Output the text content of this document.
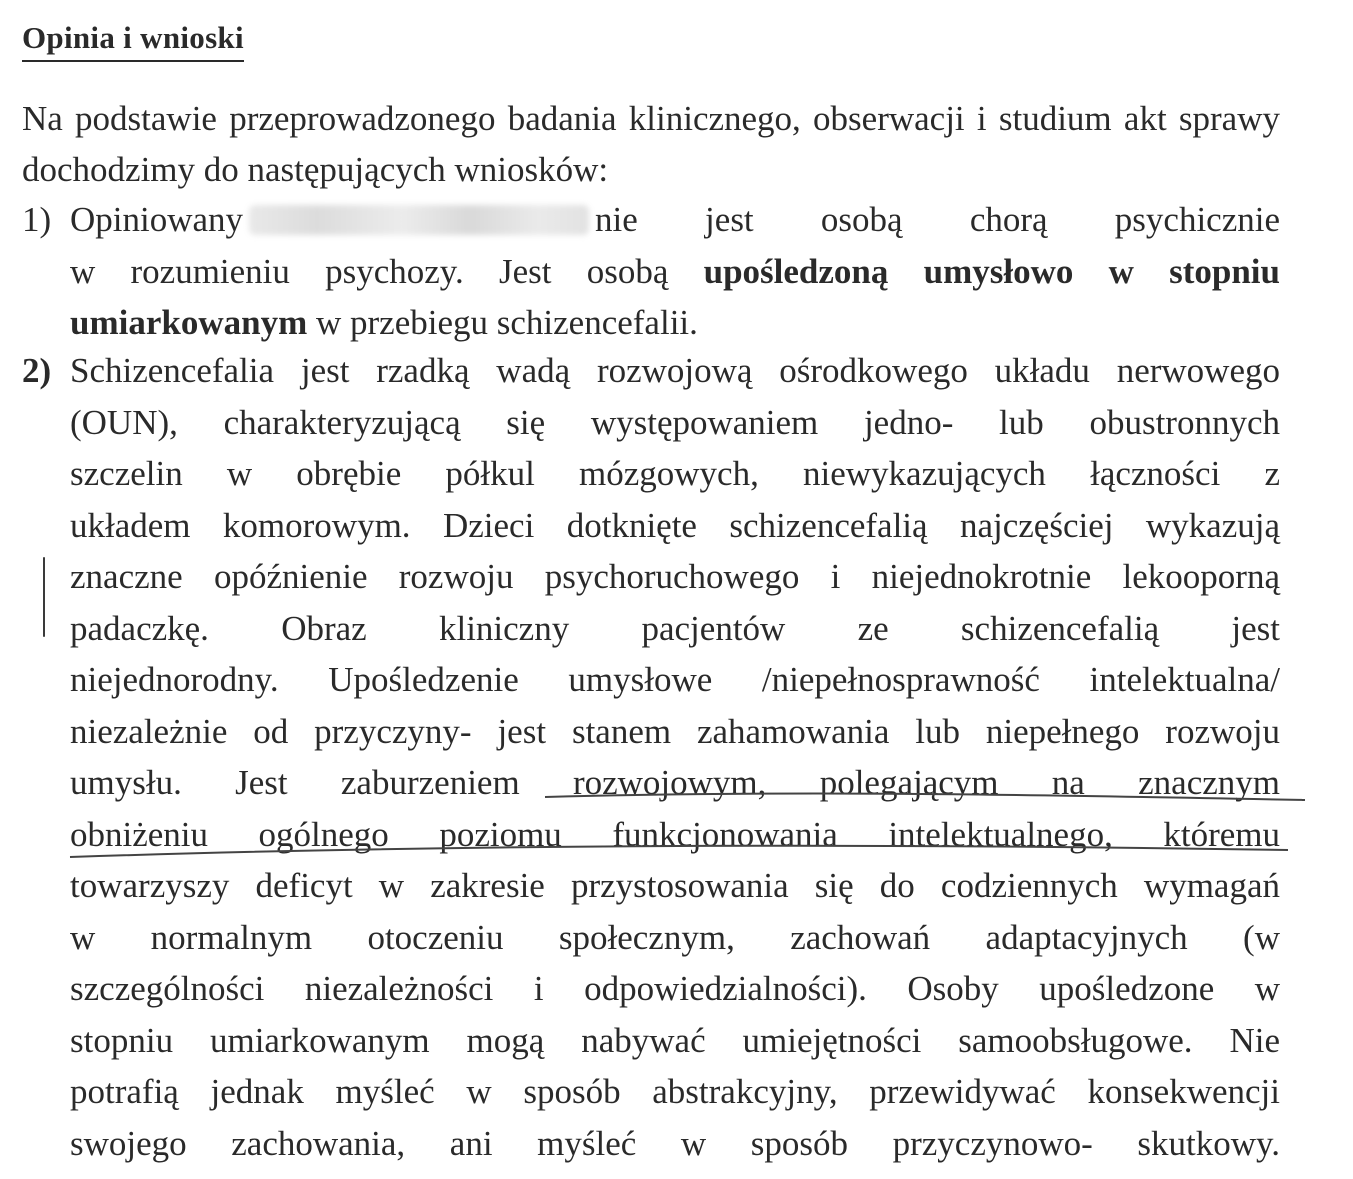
Opinia i wnioski
Na podstawie przeprowadzonego badania klinicznego, obserwacji i studium akt sprawy dochodzimy do następujących wniosków:
1) Opiniowany	nie jest osobą chorą psychicznie
w rozumieniu psychozy. Jest osobą upośledzoną umysłowo w stopniu
umiarkowanym w przebiegu schizencefalii.
2) Schizencefalia jest rzadką wadą rozwojową ośrodkowego układu nerwowego
(OUN), charakteryzującą się występowaniem jedno- lub obustronnych
szczelin w obrębie półkul mózgowych, niewykazujących łączności z
układem komorowym. Dzieci dotknięte schizencefalią najczęściej wykazują
znaczne opóźnienie rozwoju psychoruchowego i niejednokrotnie lekooporną
padaczkę. Obraz kliniczny pacjentów ze schizencefalią jest
niejednorodny. Upośledzenie umysłowe /niepełnosprawność intelektualna/
niezależnie od przyczyny- jest stanem zahamowania lub niepełnego rozwoju
umysłu. Jest zaburzeniem rozwojowym, polegającym na znacznym
obniżeniu ogólnego poziomu funkcjonowania intelektualnego, któremu
towarzyszy deficyt w zakresie przystosowania się do codziennych wymagań
w normalnym otoczeniu społecznym, zachowań adaptacyjnych (w
szczególności niezależności i odpowiedzialności). Osoby upośledzone w
stopniu umiarkowanym mogą nabywać umiejętności samoobsługowe. Nie
potrafią jednak myśleć w sposób abstrakcyjny, przewidywać konsekwencji
swojego zachowania, ani myśleć w sposób przyczynowo- skutkowy.
